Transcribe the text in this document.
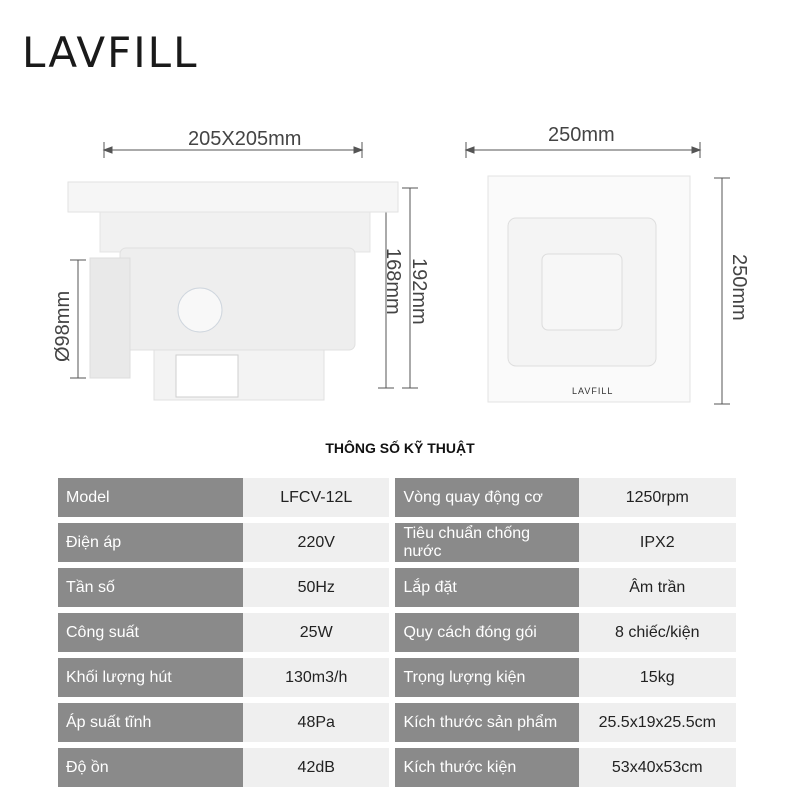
LAVFILL
205X205mm
168mm 192mm
Ø98mm
250mm
250mm
LAVFILL
THÔNG SỐ KỸ THUẬT
Model	LFCV-12L	Vòng quay động cơ	1250rpm
Điện áp	220V	Tiêu chuẩn chống nước	IPX2
Tần số	50Hz	Lắp đặt	Âm trần
Công suất	25W	Quy cách đóng gói	8 chiếc/kiện
Khối lượng hút	130m3/h	Trọng lượng kiện	15kg
Áp suất tĩnh	48Pa	Kích thước sản phẩm	25.5x19x25.5cm
Độ ồn	42dB	Kích thước kiện	53x40x53cm
